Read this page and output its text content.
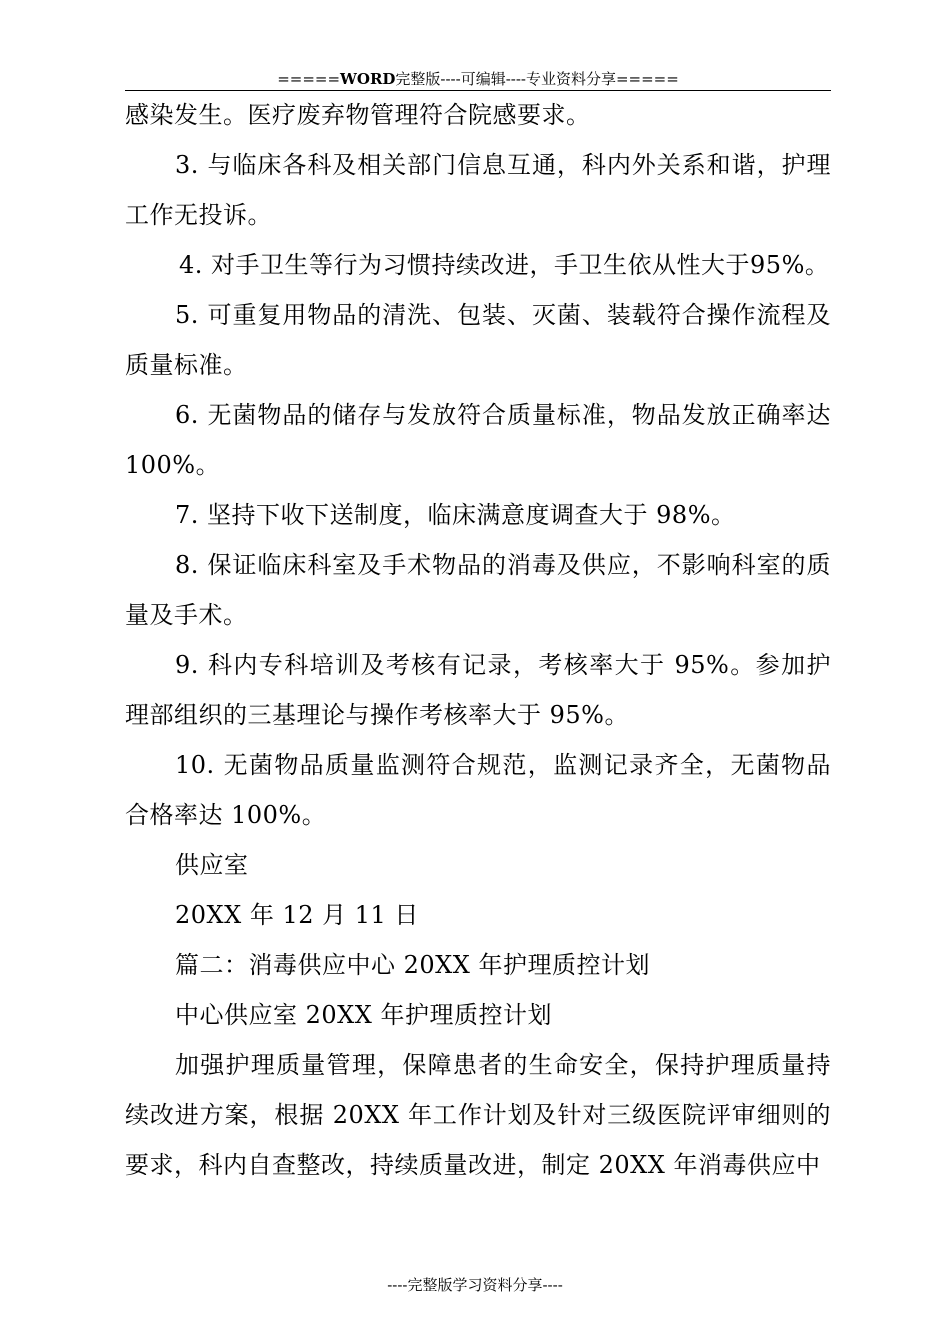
=====WORD完整版----可编辑----专业资料分享=====

感染发生。医疗废弃物管理符合院感要求。

3. 与临床各科及相关部门信息互通，科内外关系和谐，护理工作无投诉。

4. 对手卫生等行为习惯持续改进，手卫生依从性大于95%。

5. 可重复用物品的清洗、包装、灭菌、装载符合操作流程及质量标准。

6. 无菌物品的储存与发放符合质量标准，物品发放正确率达 100%。

7. 坚持下收下送制度，临床满意度调查大于 98%。

8. 保证临床科室及手术物品的消毒及供应，不影响科室的质量及手术。

9. 科内专科培训及考核有记录，考核率大于 95%。参加护理部组织的三基理论与操作考核率大于 95%。

10. 无菌物品质量监测符合规范，监测记录齐全，无菌物品合格率达 100%。

供应室

20XX 年 12 月 11 日

篇二：消毒供应中心 20XX 年护理质控计划

中心供应室 20XX 年护理质控计划

加强护理质量管理，保障患者的生命安全，保持护理质量持续改进方案，根据 20XX 年工作计划及针对三级医院评审细则的要求，科内自查整改，持续质量改进，制定 20XX 年消毒供应中

----完整版学习资料分享----
